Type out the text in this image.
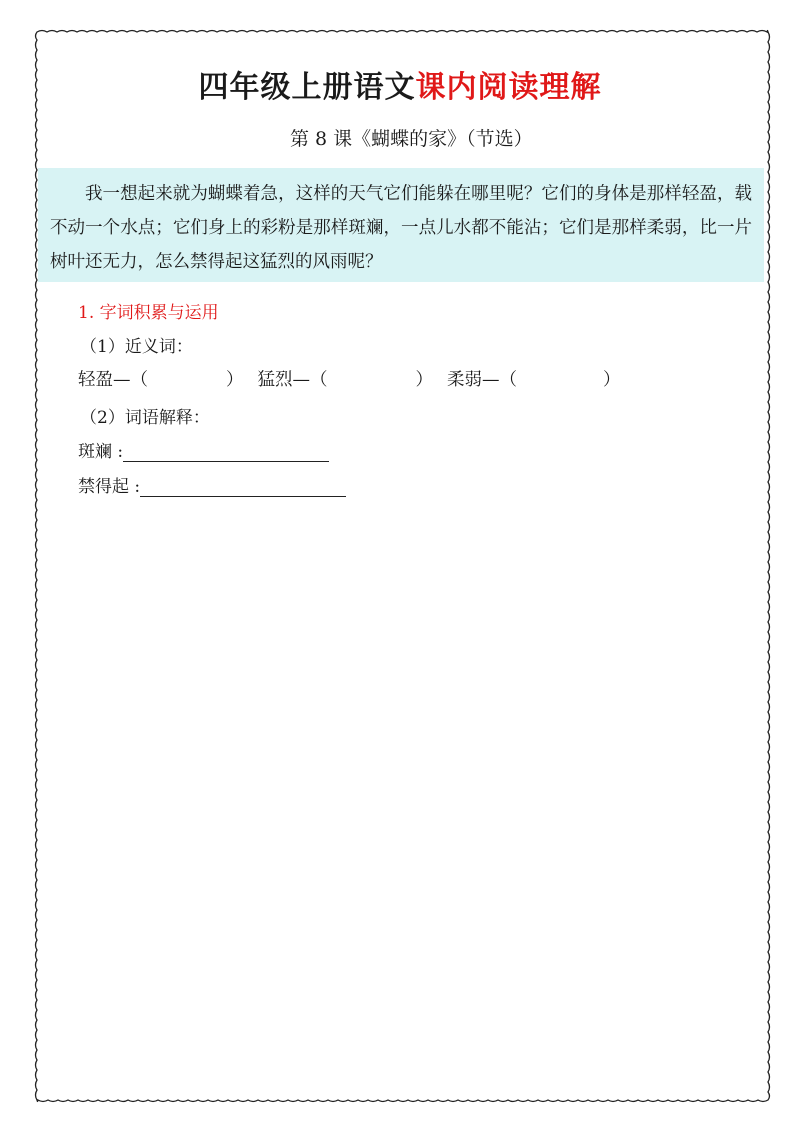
四年级上册语文课内阅读理解
第 8 课《蝴蝶的家》（节选）

我一想起来就为蝴蝶着急，这样的天气它们能躲在哪里呢？它们的身体是那样轻盈，载不动一个水点；它们身上的彩粉是那样斑斓，一点儿水都不能沾；它们是那样柔弱，比一片树叶还无力，怎么禁得起这猛烈的风雨呢？

1. 字词积累与运用
（1）近义词：
轻盈—（	） 猛烈—（	） 柔弱—（	）
（2）词语解释：
斑斓 :
禁得起 :
